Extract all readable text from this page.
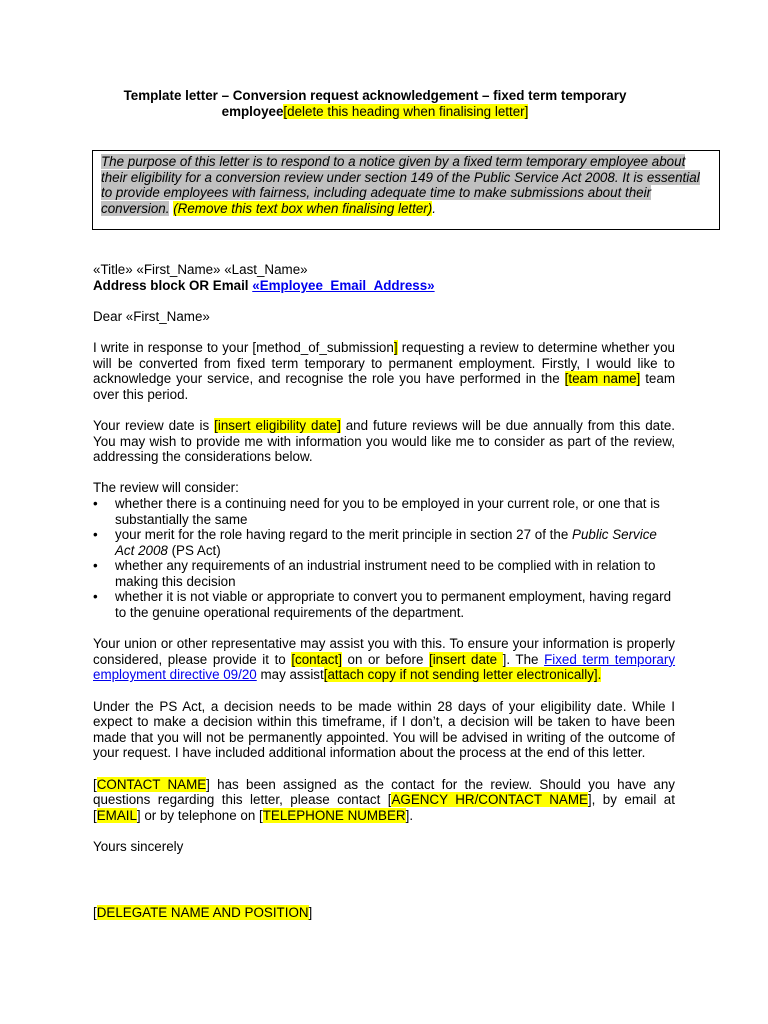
Template letter – Conversion request acknowledgement – fixed term temporary
employee[delete this heading when finalising letter]
The purpose of this letter is to respond to a notice given by a fixed term temporary employee about their eligibility for a conversion review under section 149 of the Public Service Act 2008. It is essential to provide employees with fairness, including adequate time to make submissions about their conversion. (Remove this text box when finalising letter).

«Title» «First_Name» «Last_Name»

Address block OR Email «Employee_Email_Address»

Dear «First_Name»

I write in response to your [method_of_submission] requesting a review to determine whether you will be converted from fixed term temporary to permanent employment. Firstly, I would like to acknowledge your service, and recognise the role you have performed in the [team name] team over this period.

Your review date is [insert eligibility date] and future reviews will be due annually from this date. You may wish to provide me with information you would like me to consider as part of the review, addressing the considerations below.

The review will consider:

• whether there is a continuing need for you to be employed in your current role, or one that is substantially the same
• your merit for the role having regard to the merit principle in section 27 of the Public Service Act 2008 (PS Act)
• whether any requirements of an industrial instrument need to be complied with in relation to making this decision
• whether it is not viable or appropriate to convert you to permanent employment, having regard to the genuine operational requirements of the department.

Your union or other representative may assist you with this. To ensure your information is properly considered, please provide it to [contact] on or before [insert date ]. The Fixed term temporary employment directive 09/20 may assist[attach copy if not sending letter electronically].

Under the PS Act, a decision needs to be made within 28 days of your eligibility date. While I expect to make a decision within this timeframe, if I don’t, a decision will be taken to have been made that you will not be permanently appointed. You will be advised in writing of the outcome of your request. I have included additional information about the process at the end of this letter.

[CONTACT NAME] has been assigned as the contact for the review. Should you have any questions regarding this letter, please contact [AGENCY HR/CONTACT NAME], by email at [EMAIL] or by telephone on [TELEPHONE NUMBER].

Yours sincerely

[DELEGATE NAME AND POSITION]
